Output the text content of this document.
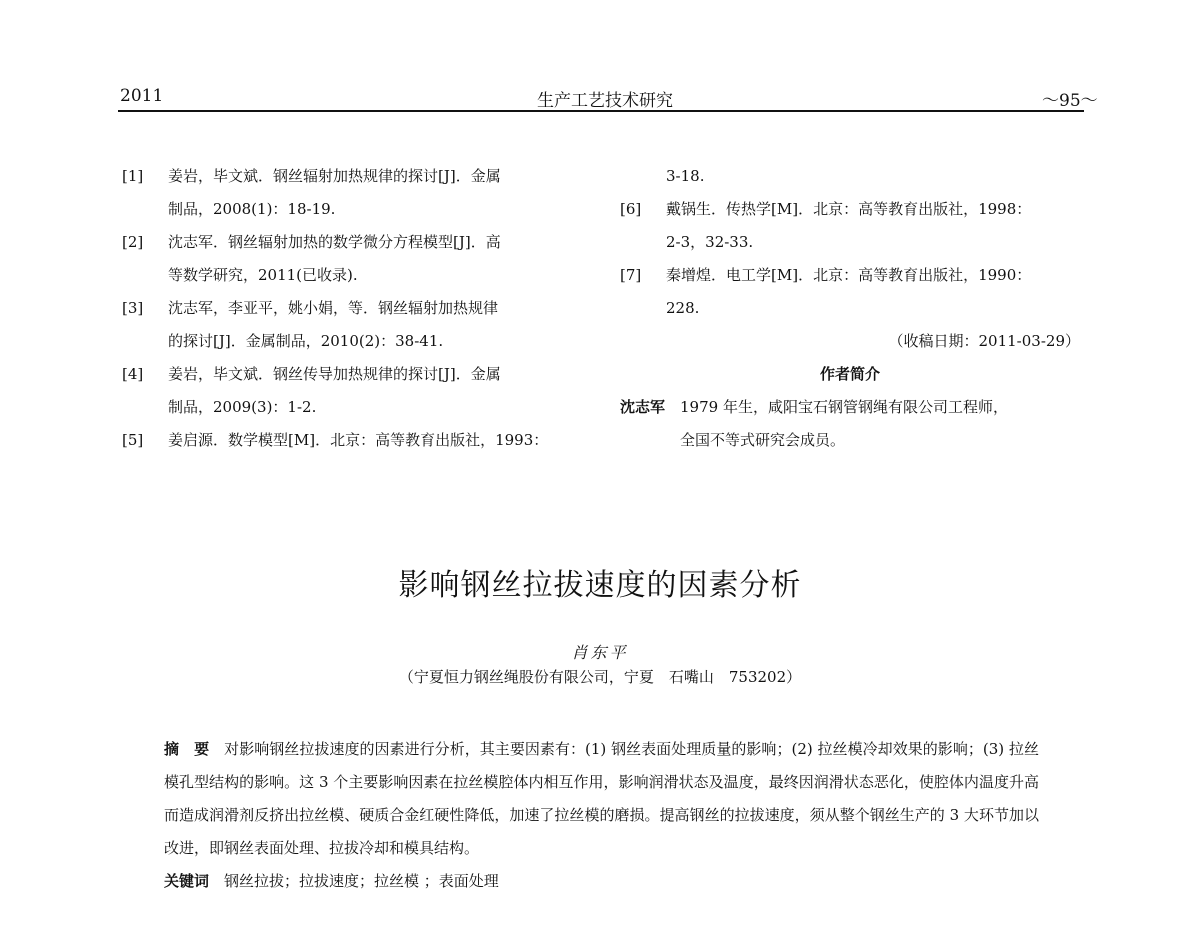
2011	生产工艺技术研究	～95～
[1] 姜岩，毕文斌．钢丝辐射加热规律的探讨[J]．金属
制品，2008(1)：18-19.
[2] 沈志军．钢丝辐射加热的数学微分方程模型[J]．高
等数学研究，2011(已收录).
[3] 沈志军，李亚平，姚小娟，等．钢丝辐射加热规律
的探讨[J]．金属制品，2010(2)：38-41.
[4] 姜岩，毕文斌．钢丝传导加热规律的探讨[J]．金属
制品，2009(3)：1-2.
[5] 姜启源．数学模型[M]．北京：高等教育出版社，1993：
3-18.
[6] 戴锅生．传热学[M]．北京：高等教育出版社，1998：
2-3，32-33.
[7] 秦增煌．电工学[M]．北京：高等教育出版社，1990：
228.
（收稿日期：2011-03-29）
作者简介
沈志军 1979 年生，咸阳宝石钢管钢绳有限公司工程师，
全国不等式研究会成员。
影响钢丝拉拔速度的因素分析
肖东平
（宁夏恒力钢丝绳股份有限公司，宁夏　石嘴山　753202）
摘　要　 对影响钢丝拉拔速度的因素进行分析，其主要因素有：(1) 钢丝表面处理质量的影响；(2) 拉丝模冷却效果的影响；(3) 拉丝模孔型结构的影响。这 3 个主要影响因素在拉丝模腔体内相互作用，影响润滑状态及温度，最终因润滑状态恶化，使腔体内温度升高而造成润滑剂反挤出拉丝模、硬质合金红硬性降低，加速了拉丝模的磨损。提高钢丝的拉拔速度，须从整个钢丝生产的 3 大环节加以改进，即钢丝表面处理、拉拔冷却和模具结构。
关键词　 钢丝拉拔；拉拔速度；拉丝模 ；表面处理
